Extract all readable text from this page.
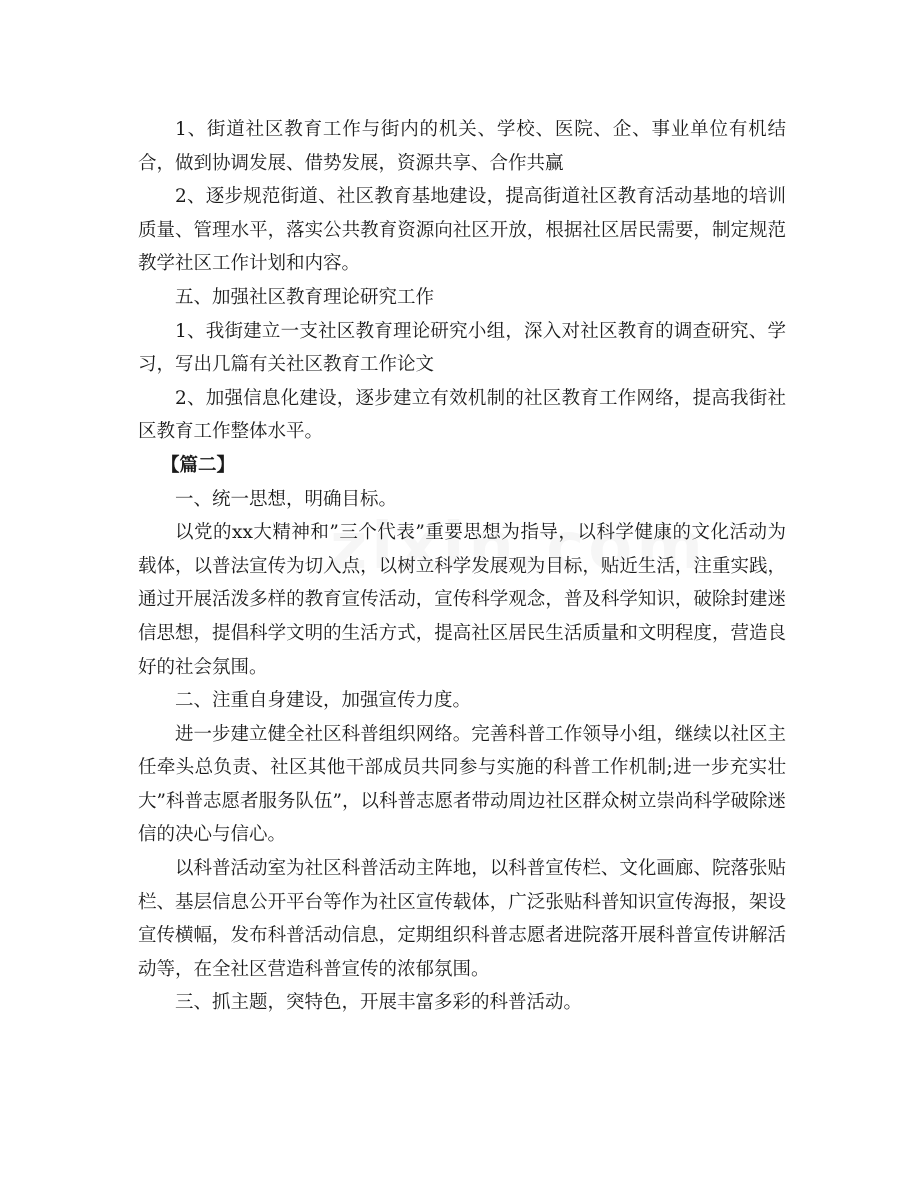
1、街道社区教育工作与街内的机关、学校、医院、企、事业单位有机结合，做到协调发展、借势发展，资源共享、合作共赢

2、逐步规范街道、社区教育基地建设，提高街道社区教育活动基地的培训质量、管理水平，落实公共教育资源向社区开放，根据社区居民需要，制定规范教学社区工作计划和内容。

五、加强社区教育理论研究工作

1、我街建立一支社区教育理论研究小组，深入对社区教育的调查研究、学习，写出几篇有关社区教育工作论文

2、加强信息化建设，逐步建立有效机制的社区教育工作网络，提高我街社区教育工作整体水平。

【篇二】

一、统一思想，明确目标。

以党的xx大精神和”三个代表”重要思想为指导，以科学健康的文化活动为载体，以普法宣传为切入点，以树立科学发展观为目标，贴近生活，注重实践，通过开展活泼多样的教育宣传活动，宣传科学观念，普及科学知识，破除封建迷信思想，提倡科学文明的生活方式，提高社区居民生活质量和文明程度，营造良好的社会氛围。

二、注重自身建设，加强宣传力度。

进一步建立健全社区科普组织网络。完善科普工作领导小组，继续以社区主任牵头总负责、社区其他干部成员共同参与实施的科普工作机制;进一步充实壮大”科普志愿者服务队伍”，以科普志愿者带动周边社区群众树立崇尚科学破除迷信的决心与信心。

以科普活动室为社区科普活动主阵地，以科普宣传栏、文化画廊、院落张贴栏、基层信息公开平台等作为社区宣传载体，广泛张贴科普知识宣传海报，架设宣传横幅，发布科普活动信息，定期组织科普志愿者进院落开展科普宣传讲解活动等，在全社区营造科普宣传的浓郁氛围。

三、抓主题，突特色，开展丰富多彩的科普活动。
